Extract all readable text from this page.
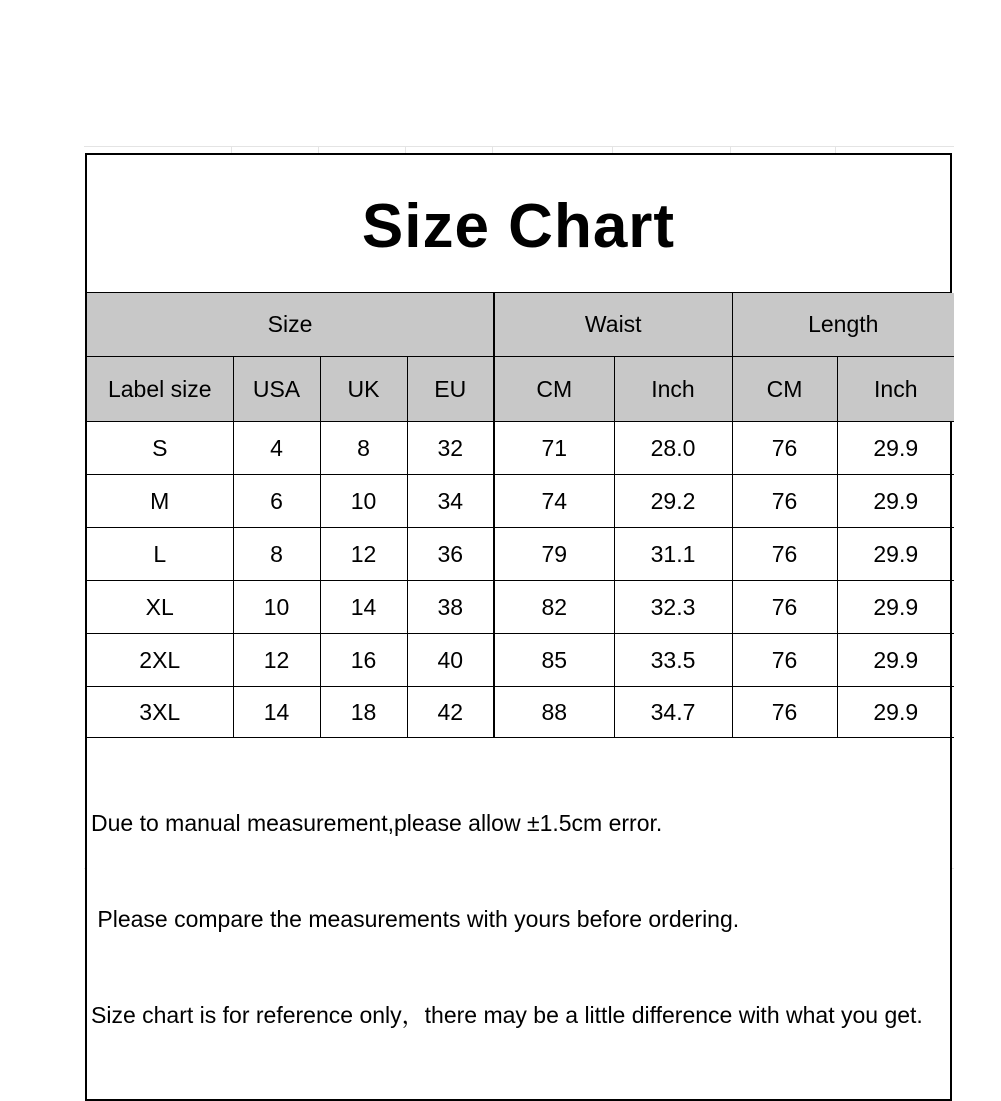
Size Chart
Size				Waist		Length	
Label size	USA	UK	EU	CM	Inch	CM	Inch
S	4	8	32	71	28.0	76	29.9
M	6	10	34	74	29.2	76	29.9
L	8	12	36	79	31.1	76	29.9
XL	10	14	38	82	32.3	76	29.9
2XL	12	16	40	85	33.5	76	29.9
3XL	14	18	42	88	34.7	76	29.9

Due to manual measurement,please allow ±1.5cm error.

Please compare the measurements with yours before ordering.

Size chart is for reference only，there may be a little difference with what you get.
